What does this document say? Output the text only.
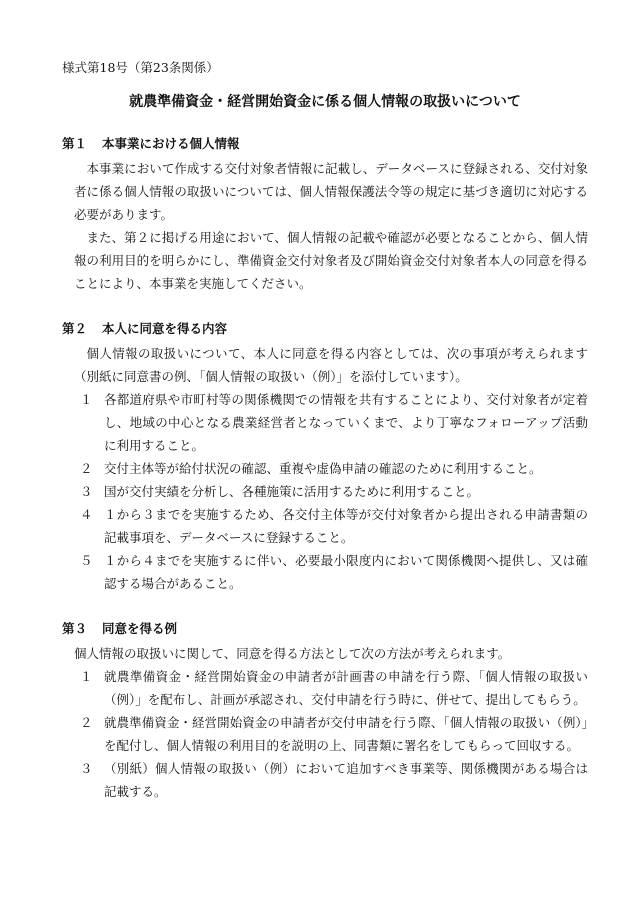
様式第18号（第23条関係）

就農準備資金・経営開始資金に係る個人情報の取扱いについて
第１ 本事業における個人情報

本事業において作成する交付対象者情報に記載し、データベースに登録される、交付対象者に係る個人情報の取扱いについては、個人情報保護法令等の規定に基づき適切に対応する必要があります。

また、第２に掲げる用途において、個人情報の記載や確認が必要となることから、個人情報の利用目的を明らかにし、準備資金交付対象者及び開始資金交付対象者本人の同意を得ることにより、本事業を実施してください。

第２ 本人に同意を得る内容

個人情報の取扱いについて、本人に同意を得る内容としては、次の事項が考えられます（別紙に同意書の例、「個人情報の取扱い（例）」を添付しています）。

１ 各都道府県や市町村等の関係機関での情報を共有することにより、交付対象者が定着し、地域の中心となる農業経営者となっていくまで、より丁寧なフォローアップ活動に利用すること。
２ 交付主体等が給付状況の確認、重複や虚偽申請の確認のために利用すること。
３ 国が交付実績を分析し、各種施策に活用するために利用すること。
４ １から３までを実施するため、各交付主体等が交付対象者から提出される申請書類の記載事項を、データベースに登録すること。
５ １から４までを実施するに伴い、必要最小限度内において関係機関へ提供し、又は確認する場合があること。
第３ 同意を得る例

個人情報の取扱いに関して、同意を得る方法として次の方法が考えられます。

１ 就農準備資金・経営開始資金の申請者が計画書の申請を行う際、「個人情報の取扱い（例）」を配布し、計画が承認され、交付申請を行う時に、併せて、提出してもらう。
２ 就農準備資金・経営開始資金の申請者が交付申請を行う際、「個人情報の取扱い（例）」を配付し、個人情報の利用目的を説明の上、同書類に署名をしてもらって回収する。
３ （別紙）個人情報の取扱い（例）において追加すべき事業等、関係機関がある場合は記載する。
